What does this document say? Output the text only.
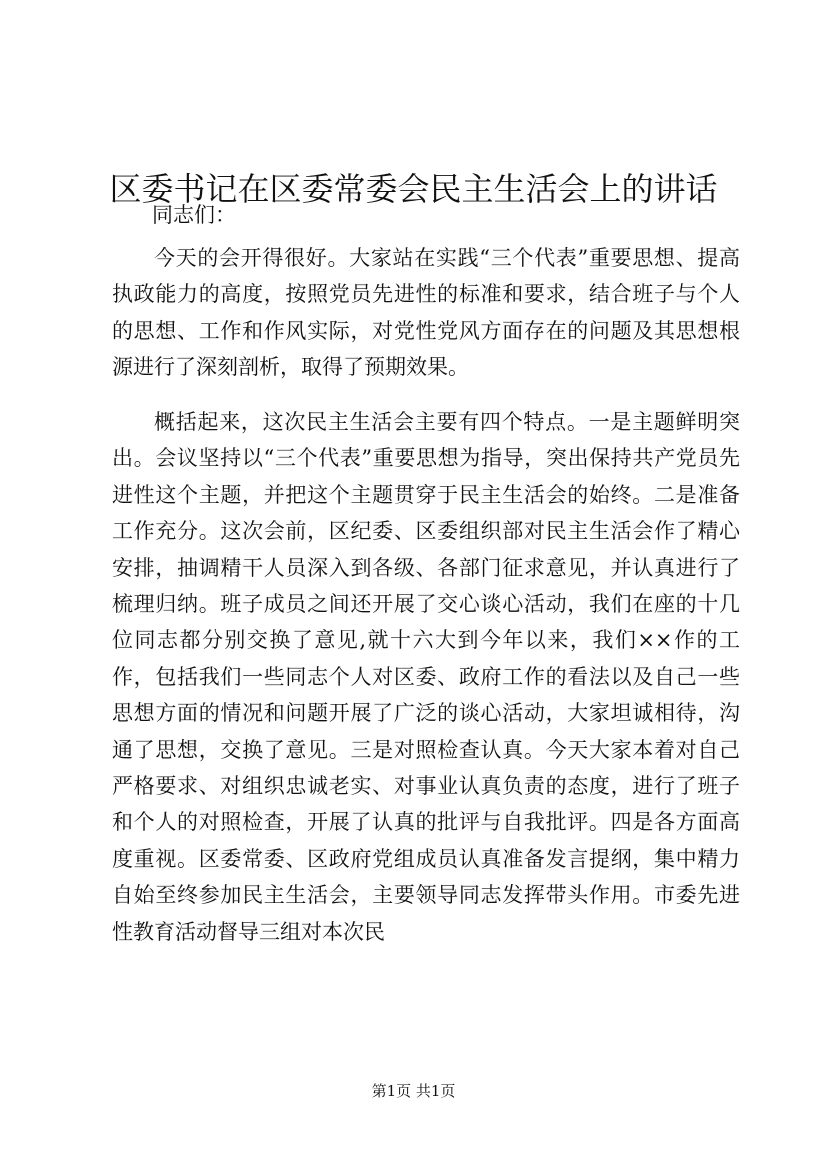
区委书记在区委常委会民主生活会上的讲话
同志们：

今天的会开得很好。大家站在实践“三个代表”重要思想、提高执政能力的高度，按照党员先进性的标准和要求，结合班子与个人的思想、工作和作风实际，对党性党风方面存在的问题及其思想根源进行了深刻剖析，取得了预期效果。

概括起来，这次民主生活会主要有四个特点。一是主题鲜明突出。会议坚持以“三个代表”重要思想为指导，突出保持共产党员先进性这个主题，并把这个主题贯穿于民主生活会的始终。二是准备工作充分。这次会前，区纪委、区委组织部对民主生活会作了精心安排，抽调精干人员深入到各级、各部门征求意见，并认真进行了梳理归纳。班子成员之间还开展了交心谈心活动，我们在座的十几位同志都分别交换了意见,就十六大到今年以来，我们××作的工作，包括我们一些同志个人对区委、政府工作的看法以及自己一些思想方面的情况和问题开展了广泛的谈心活动，大家坦诚相待，沟通了思想，交换了意见。三是对照检查认真。今天大家本着对自己严格要求、对组织忠诚老实、对事业认真负责的态度，进行了班子和个人的对照检查，开展了认真的批评与自我批评。四是各方面高度重视。区委常委、区政府党组成员认真准备发言提纲，集中精力自始至终参加民主生活会，主要领导同志发挥带头作用。市委先进性教育活动督导三组对本次民

第1页 共1页
